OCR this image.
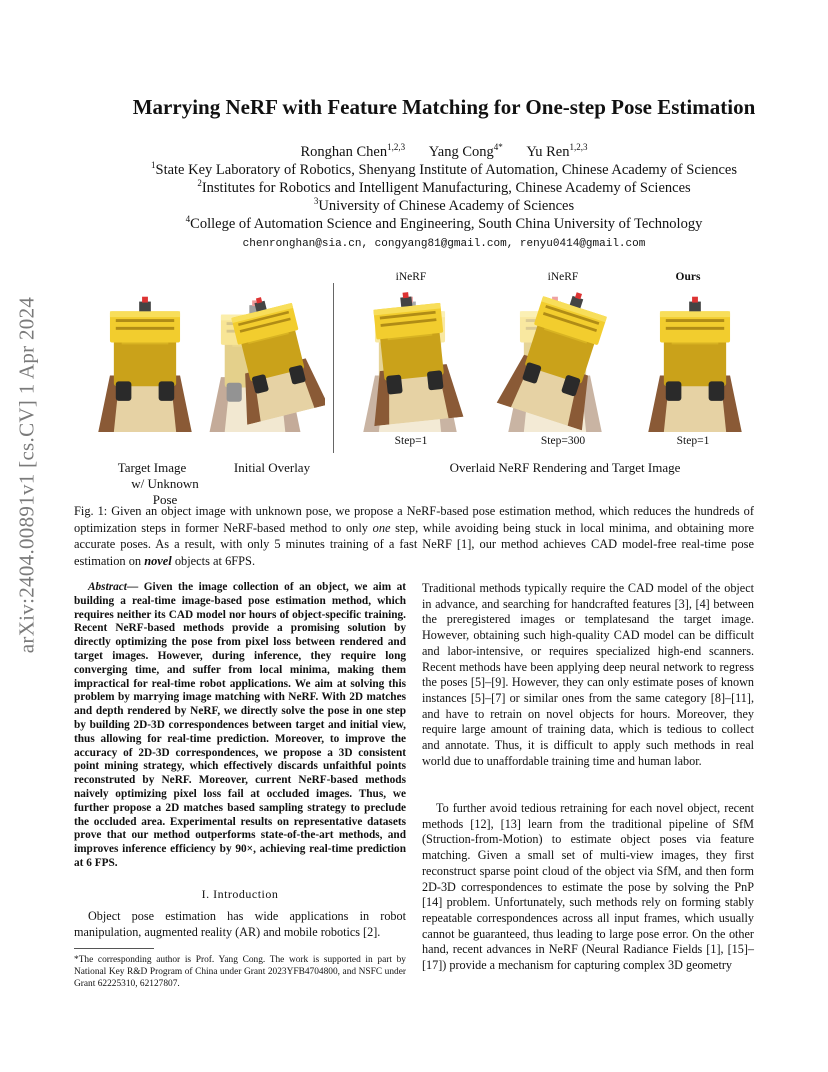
arXiv:2404.00891v1 [cs.CV] 1 Apr 2024
Marrying NeRF with Feature Matching for One-step Pose Estimation
Ronghan Chen$^{1,2,3}$ Yang Cong$^{4*}$ Yu Ren$^{1,2,3}$
$^1$State Key Laboratory of Robotics, Shenyang Institute of Automation, Chinese Academy of Sciences
$^2$Institutes for Robotics and Intelligent Manufacturing, Chinese Academy of Sciences
$^3$University of Chinese Academy of Sciences
$^4$College of Automation Science and Engineering, South China University of Technology
chenronghan@sia.cn, congyang81@gmail.com, renyu0414@gmail.com
iNeRF	iNeRF	Ours
Step=1	Step=300	Step=1
Target Image
w/ Unknown Pose
Initial Overlay	Overlaid NeRF Rendering and Target Image
Fig. 1: Given an object image with unknown pose, we propose a NeRF-based pose estimation method, which reduces the hundreds of optimization steps in former NeRF-based method to only one step, while avoiding being stuck in local minima, and obtaining more accurate poses. As a result, with only 5 minutes training of a fast NeRF [1], our method achieves CAD model-free real-time pose estimation on novel objects at 6FPS.
Abstract— Given the image collection of an object, we aim at building a real-time image-based pose estimation method, which requires neither its CAD model nor hours of object-specific training. Recent NeRF-based methods provide a promising solution by directly optimizing the pose from pixel loss between rendered and target images. However, during inference, they require long converging time, and suffer from local minima, making them impractical for real-time robot applications. We aim at solving this problem by marrying image matching with NeRF. With 2D matches and depth rendered by NeRF, we directly solve the pose in one step by building 2D-3D correspondences between target and initial view, thus allowing for real-time prediction. Moreover, to improve the accuracy of 2D-3D correspondences, we propose a 3D consistent point mining strategy, which effectively discards unfaithful points reconstruted by NeRF. Moreover, current NeRF-based methods naively optimizing pixel loss fail at occluded images. Thus, we further propose a 2D matches based sampling strategy to preclude the occluded area. Experimental results on representative datasets prove that our method outperforms state-of-the-art methods, and improves inference efficiency by 90×, achieving real-time prediction at 6 FPS.
I. Introduction

Object pose estimation has wide applications in robot manipulation, augmented reality (AR) and mobile robotics [2].

*The corresponding author is Prof. Yang Cong. The work is supported in part by National Key R&D Program of China under Grant 2023YFB4704800, and NSFC under Grant 62225310, 62127807.
Traditional methods typically require the CAD model of the object in advance, and searching for handcrafted features [3], [4] between the preregistered images or templatesand the target image. However, obtaining such high-quality CAD model can be difficult and labor-intensive, or requires specialized high-end scanners. Recent methods have been applying deep neural network to regress the poses [5]–[9]. However, they can only estimate poses of known instances [5]–[7] or similar ones from the same category [8]–[11], and have to retrain on novel objects for hours. Moreover, they require large amount of training data, which is tedious to collect and annotate. Thus, it is difficult to apply such methods in real world due to unaffordable training time and human labor.
To further avoid tedious retraining for each novel object, recent methods [12], [13] learn from the traditional pipeline of SfM (Struction-from-Motion) to estimate object poses via feature matching. Given a small set of multi-view images, they first reconstruct sparse point cloud of the object via SfM, and then form 2D-3D correspondences to estimate the pose by solving the PnP [14] problem. Unfortunately, such methods rely on forming stably repeatable correspondences across all input frames, which usually cannot be guaranteed, thus leading to large pose error. On the other hand, recent advances in NeRF (Neural Radiance Fields [1], [15]–[17]) provide a mechanism for capturing complex 3D geometry
